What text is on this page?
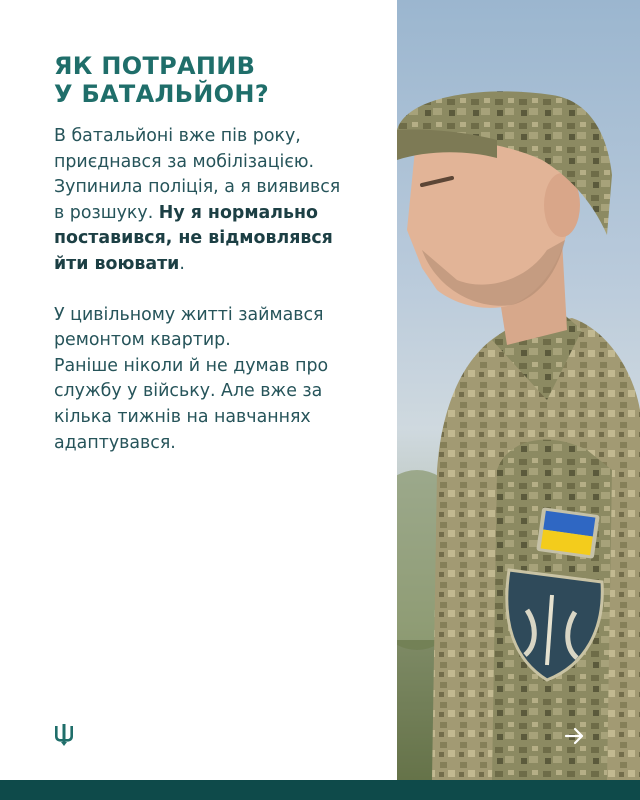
ЯК ПОТРАПИВ
У БАТАЛЬЙОН?
В батальйоні вже пів року,
приєднався за мобілізацією.
Зупинила поліція, а я виявився
в розшуку. Ну я нормально
поставився, не відмовлявся
йти воювати.
У цивільному житті займався
ремонтом квартир.
Раніше ніколи й не думав про
службу у війську. Але вже за
кілька тижнів на навчаннях
адаптувався.
